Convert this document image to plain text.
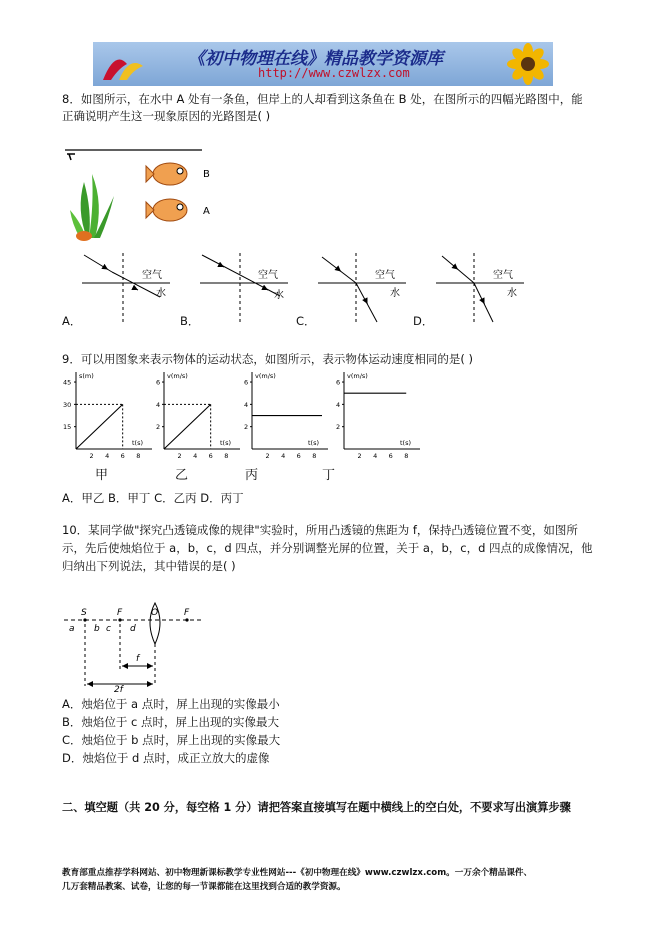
《初中物理在线》精品教学资源库
http://www.czwlzx.com
8．如图所示，在水中 A 处有一条鱼，但岸上的人却看到这条鱼在 B 处，在图所示的四幅光路图中，能
正确说明产生这一现象原因的光路图是( )
B
A
空气
水
空气
水
空气
水
空气
水
A．	B．	C．	D．
9．可以用图象来表示物体的运动状态，如图所示，表示物体运动速度相同的是( )
s(m)
t(s)
2 4 6 8
15
30
45
v(m/s)
t(s)
2 4 6 8
2
4
6
v(m/s)
t(s)
2 4 6 8
2
4
6
v(m/s)
t(s)
2 4 6 8
2
4
6
甲	乙	丙	丁
A．甲乙 B．甲丁 C．乙丙 D．丙丁
10．某同学做"探究凸透镜成像的规律"实验时，所用凸透镜的焦距为 f，保持凸透镜位置不变，如图所
示，先后使烛焰位于 a，b，c，d 四点，并分别调整光屏的位置，关于 a，b，c，d 四点的成像情况，他
归纳出下列说法，其中错误的是( )
S	F	O	F
a b c d
f
2f
A．烛焰位于 a 点时，屏上出现的实像最小
B．烛焰位于 c 点时，屏上出现的实像最大
C．烛焰位于 b 点时，屏上出现的实像最大
D．烛焰位于 d 点时，成正立放大的虚像
二、填空题（共 20 分，每空格 1 分）请把答案直接填写在题中横线上的空白处，不要求写出演算步骤
教育部重点推荐学科网站、初中物理新课标教学专业性网站---《初中物理在线》www.czwlzx.com。一万余个精品课件、
几万套精品教案、试卷，让您的每一节课都能在这里找到合适的教学资源。
